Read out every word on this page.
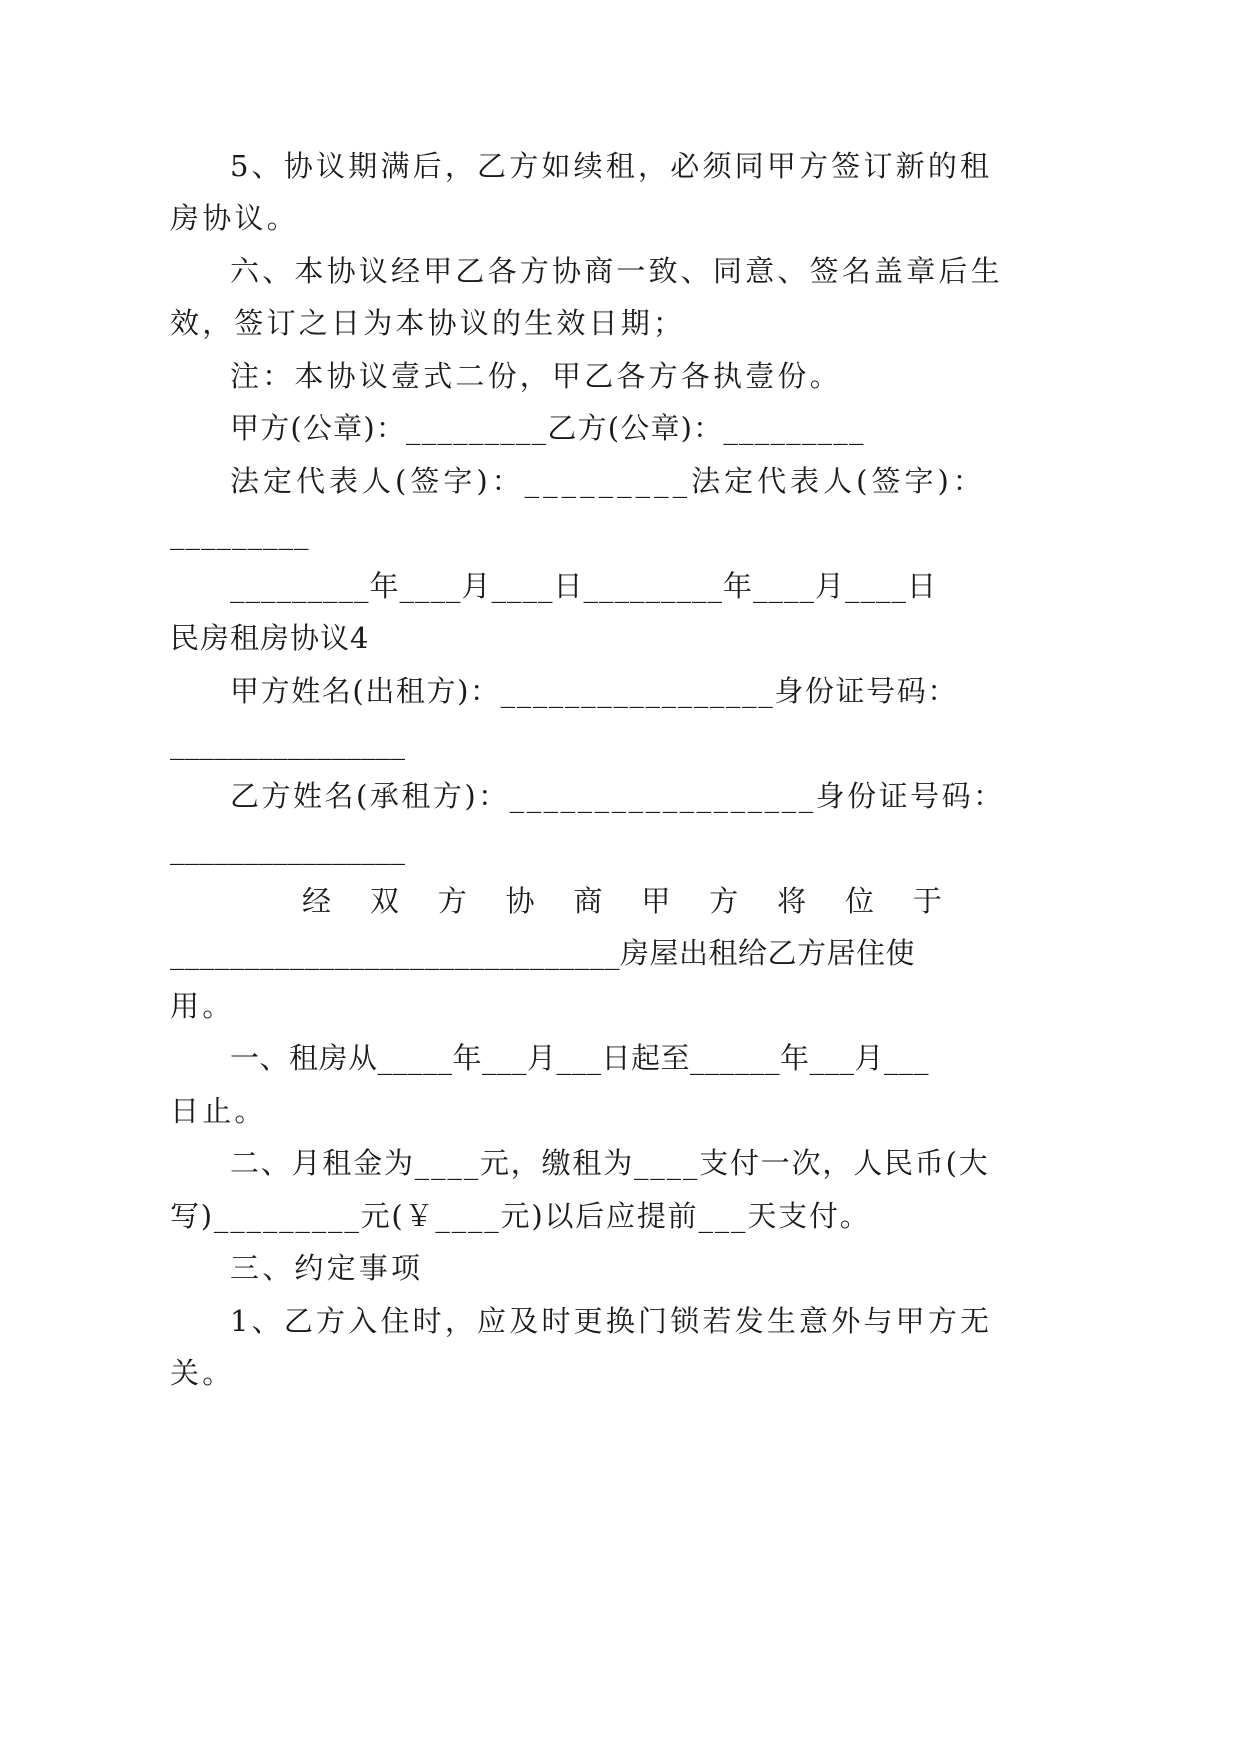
5、协议期满后，乙方如续租，必须同甲方签订新的租
房协议。
六、本协议经甲乙各方协商一致、同意、签名盖章后生
效，签订之日为本协议的生效日期；
注：本协议壹式二份，甲乙各方各执壹份。
甲方(公章)：_________乙方(公章)：_________
法定代表人(签字)：_________法定代表人(签字)：
_________
_________年____月____日_________年____月____日
民房租房协议4
甲方姓名(出租方)：_________________身份证号码：
________________
乙方姓名(承租方)：__________________身份证号码：
________________
经 双 方 协 商 甲 方 将 位 于
______________________________房屋出租给乙方居住使
用。
一、租房从_____年___月___日起至______年___月___
日止。
二、月租金为____元，缴租为____支付一次，人民币(大
写)_________元(￥____元)以后应提前___天支付。
三、约定事项
1、乙方入住时，应及时更换门锁若发生意外与甲方无
关。
